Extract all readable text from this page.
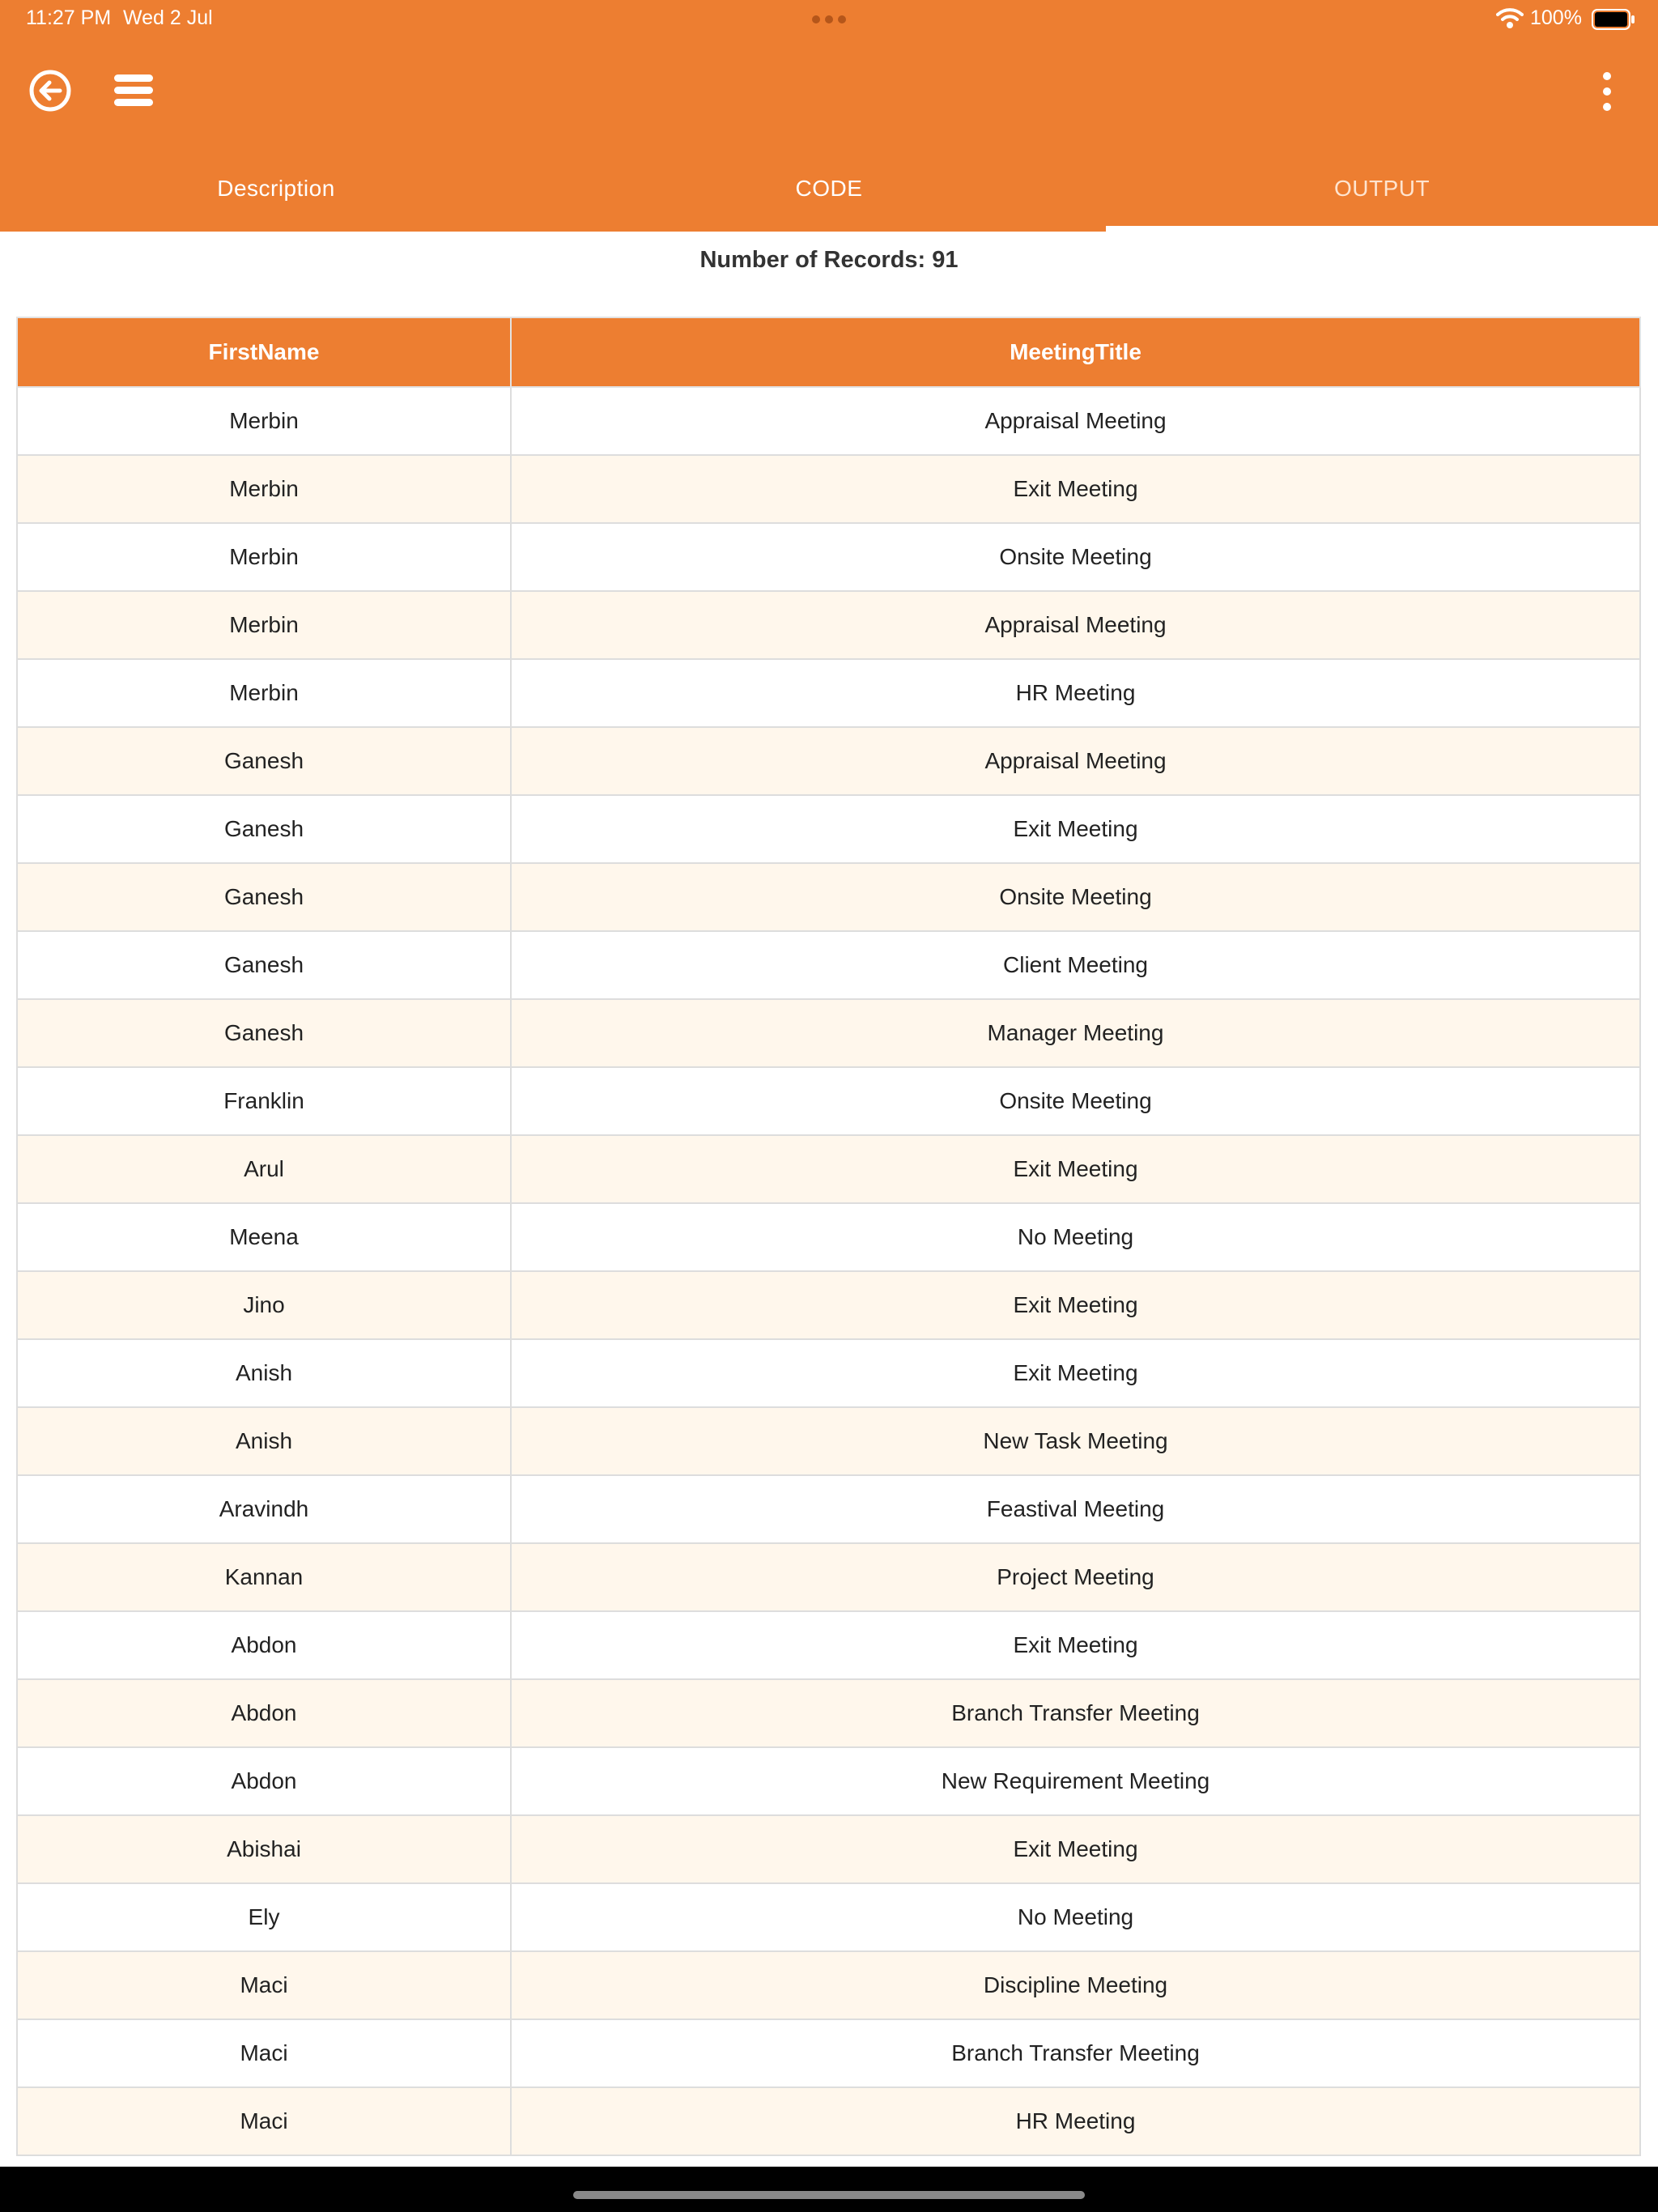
11:27 PM Wed 2 Jul	100%
Description	CODE	OUTPUT
Number of Records: 91
FirstName	MeetingTitle
Merbin	Appraisal Meeting
Merbin	Exit Meeting
Merbin	Onsite Meeting
Merbin	Appraisal Meeting
Merbin	HR Meeting
Ganesh	Appraisal Meeting
Ganesh	Exit Meeting
Ganesh	Onsite Meeting
Ganesh	Client Meeting
Ganesh	Manager Meeting
Franklin	Onsite Meeting
Arul	Exit Meeting
Meena	No Meeting
Jino	Exit Meeting
Anish	Exit Meeting
Anish	New Task Meeting
Aravindh	Feastival Meeting
Kannan	Project Meeting
Abdon	Exit Meeting
Abdon	Branch Transfer Meeting
Abdon	New Requirement Meeting
Abishai	Exit Meeting
Ely	No Meeting
Maci	Discipline Meeting
Maci	Branch Transfer Meeting
Maci	HR Meeting
